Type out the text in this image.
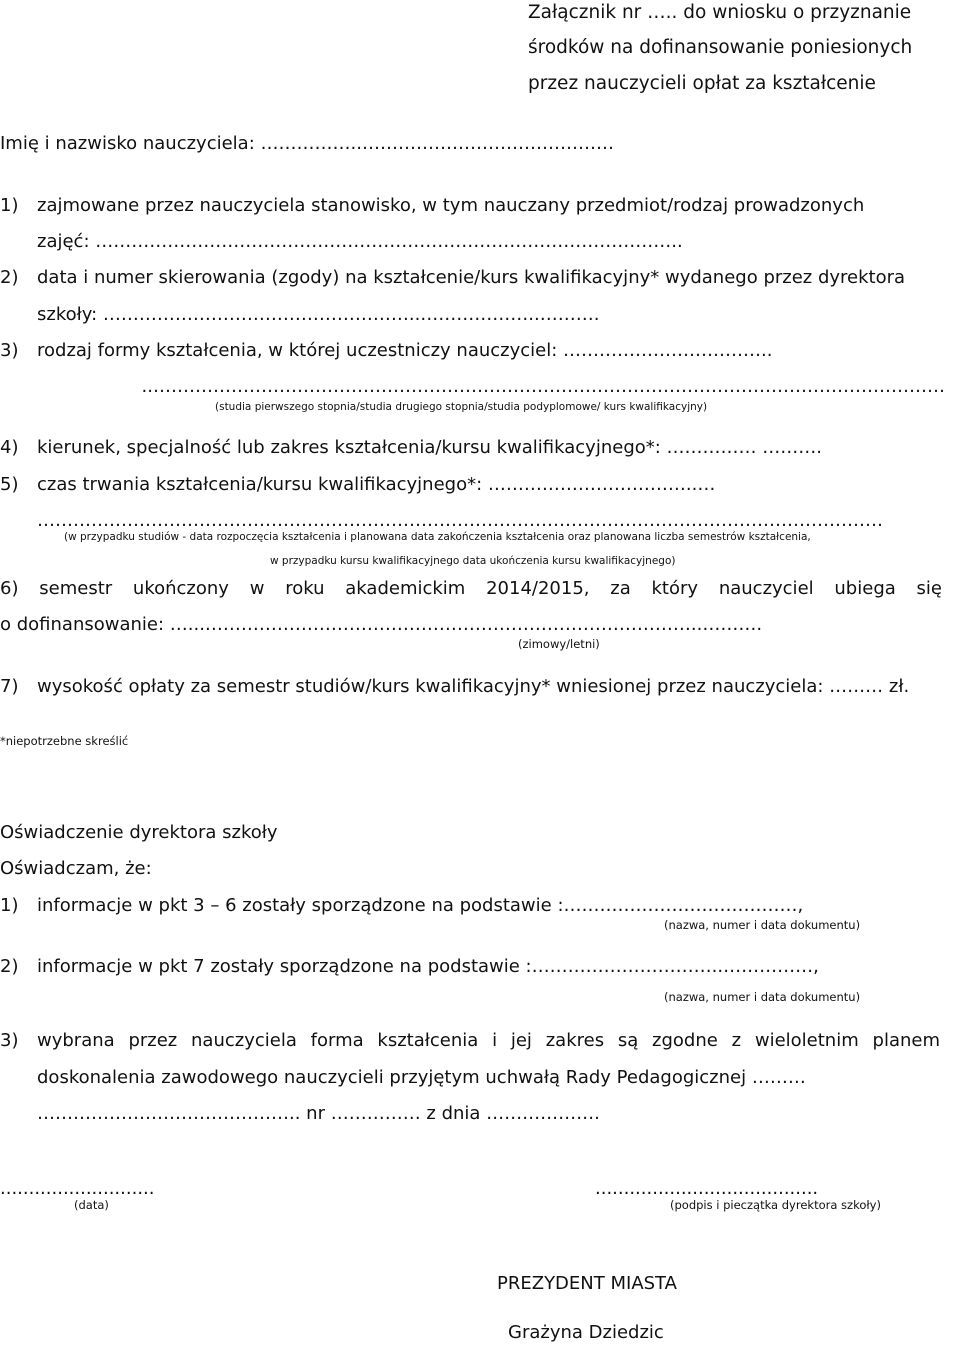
Załącznik nr ….. do wniosku o przyznanie
środków na dofinansowanie poniesionych
przez nauczycieli opłat za kształcenie
Imię i nazwisko nauczyciela: ……………..……………………………………
1) zajmowane przez nauczyciela stanowisko, w tym nauczany przedmiot/rodzaj prowadzonych
zajęć: ……………………………………………………………………………………..
2) data i numer skierowania (zgody) na kształcenie/kurs kwalifikacyjny* wydanego przez dyrektora
szkoły: ……………………………………………..………………..……….
3) rodzaj formy kształcenia, w której uczestniczy nauczyciel: ……………………………..
..……………………………………………………………………………………………………………………
(studia pierwszego stopnia/studia drugiego stopnia/studia podyplomowe/ kurs kwalifikacyjny)
4) kierunek, specjalność lub zakres kształcenia/kursu kwalifikacyjnego*: …………… ……….
5) czas trwania kształcenia/kursu kwalifikacyjnego*: ……………………………..…
……………………………………………………………………………………………………………………………
(w przypadku studiów - data rozpoczęcia kształcenia i planowana data zakończenia kształcenia oraz planowana liczba semestrów kształcenia,
w przypadku kursu kwalifikacyjnego data ukończenia kursu kwalifikacyjnego)
6) semestr ukończony w roku akademickim 2014/2015, za który nauczyciel ubiega się
o dofinansowanie: …...………………………………………………………………………..……….
(zimowy/letni)
7) wysokość opłaty za semestr studiów/kurs kwalifikacyjny* wniesionej przez nauczyciela: ……… zł.
*niepotrzebne skreślić
Oświadczenie dyrektora szkoły
Oświadczam, że:
1) informacje w pkt 3 – 6 zostały sporządzone na podstawie :…………………………………,
(nazwa, numer i data dokumentu)
2) informacje w pkt 7 zostały sporządzone na podstawie :…………………………..……………,
(nazwa, numer i data dokumentu)
3)	wybrana przez nauczyciela forma kształcenia i jej zakres są zgodne z wieloletnim planem
doskonalenia zawodowego nauczycieli przyjętym uchwałą Rady Pedagogicznej ………
…………………………………….. nr …………… z dnia ……………….
...........................
(data)
.......................................
(podpis i pieczątka dyrektora szkoły)
PREZYDENT MIASTA
Grażyna Dziedzic
